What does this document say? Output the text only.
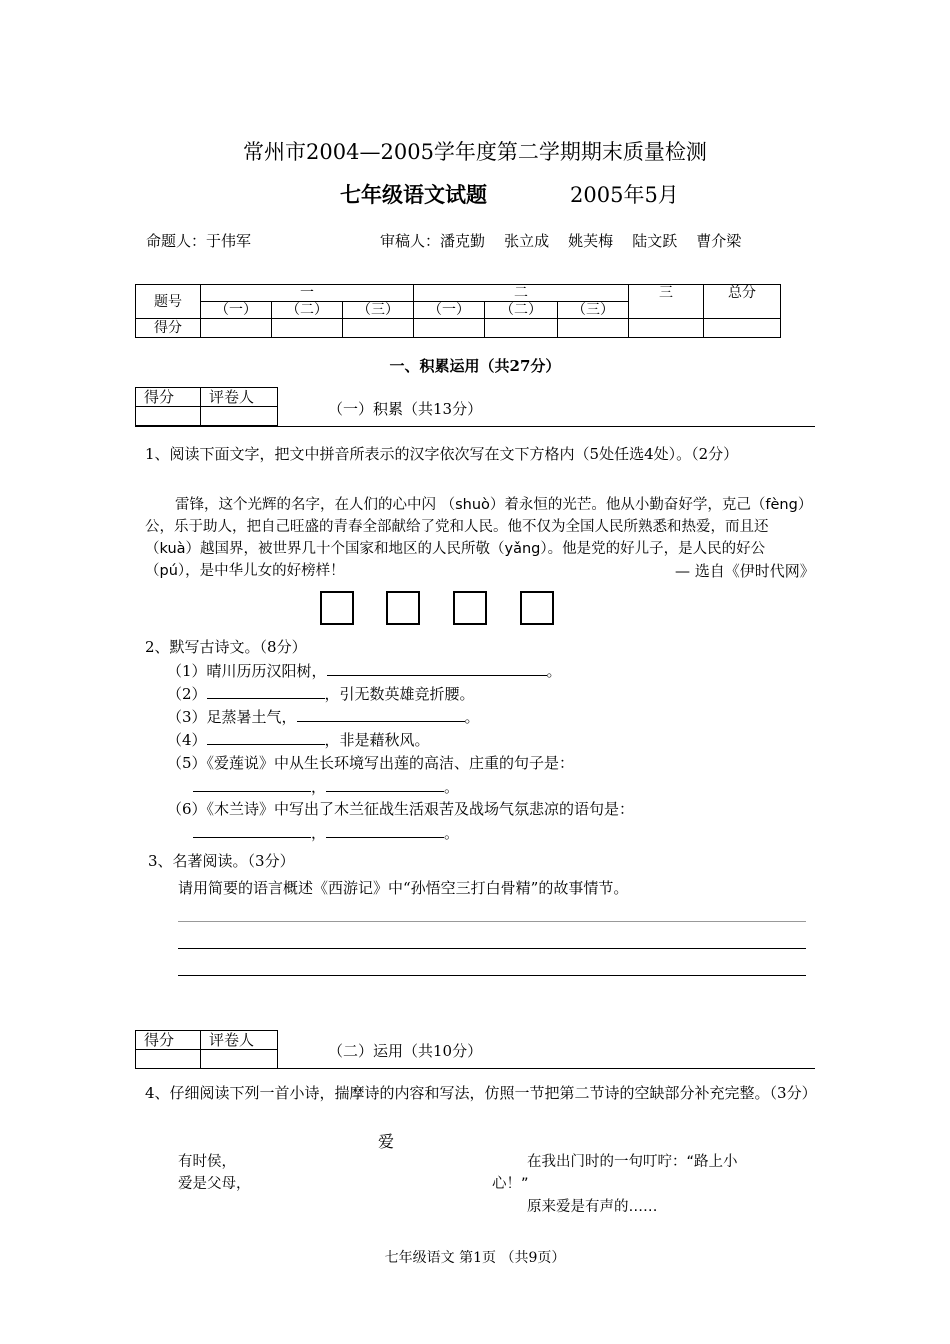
常州市2004—2005学年度第二学期期末质量检测
七年级语文试题	2005年5月
命题人：于伟军	审稿人：潘克勤    张立成    姚芙梅    陆文跃    曹介梁
题号	一			二			三	总分
	（一）	（二）	（三）	（一）	（二）	（三）		
得分								
一、积累运用（共27分）
得分	评卷人

（一）积累（共13分）
1、阅读下面文字，把文中拼音所表示的汉字依次写在文下方格内（5处任选4处）。（2分）
雷锋，这个光辉的名字，在人们的心中闪 （shuò）着永恒的光芒。他从小勤奋好学，克己（fèng）公，乐于助人，把自己旺盛的青春全部献给了党和人民。他不仅为全国人民所熟悉和热爱，而且还（kuà）越国界，被世界几十个国家和地区的人民所敬（yǎng）。他是党的好儿子，是人民的好公（pú），是中华儿女的好榜样！	— 选自《伊时代网》
2、默写古诗文。（8分）
（1）晴川历历汉阳树，	。
（2）	，引无数英雄竞折腰。
（3）足蒸暑土气，	。
（4）	，非是藉秋风。
（5）《爱莲说》中从生长环境写出莲的高洁、庄重的句子是：
，	。
（6）《木兰诗》中写出了木兰征战生活艰苦及战场气氛悲凉的语句是：
，	。
3、名著阅读。（3分）
请用简要的语言概述《西游记》中“孙悟空三打白骨精”的故事情节。
得分	评卷人

（二）运用（共10分）
4、仔细阅读下列一首小诗，揣摩诗的内容和写法，仿照一节把第二节诗的空缺部分补充完整。（3分）
爱
有时侯，
爱是父母，
在我出门时的一句叮咛：“路上小
心！”
原来爱是有声的……
七年级语文 第1页 （共9页）
